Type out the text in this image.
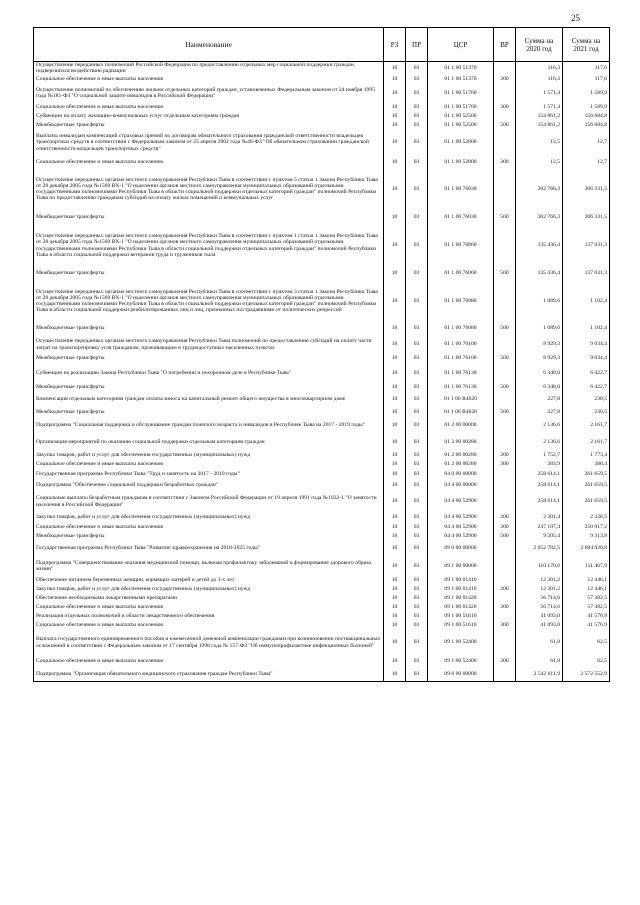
25
Наименование	РЗ	ПР	ЦСР	ВР	Сумма на 2020 год	Сумма на 2021 год
Осуществление переданных полномочий Российской Федерации по предоставлению отдельных мер социальной поддержки граждан, подвергшихся воздействию радиации	10	03	01 1 00 51370		116,3	117,6
Социальное обеспечение и иные выплаты населению	10	03	01 1 00 51370	300	116,3	117,6
Осуществление полномочий по обеспечению жильем отдельных категорий граждан, установленных Федеральным законом от 24 ноября 1995 года №181-ФЗ "О социальной защите инвалидов в Российской Федерации"	10	03	01 1 00 51760		1 571,4	1 589,9
Социальное обеспечение и иные выплаты населению	10	03	01 1 00 51760	300	1 571,4	1 589,9
Субвенции на оплату жилищно-коммунальных услуг отдельным категориям граждан	10	03	01 1 00 52500		154 861,2	156 684,8
Межбюджетные трансферты	10	03	01 1 00 52500	500	154 861,2	156 684,8
Выплаты инвалидам компенсаций страховых премий по договорам обязательного страхования гражданской ответственности владельцев транспортных средств в соответствии с Федеральным законом от 25 апреля 2002 года №40-ФЗ "Об обязательном страховании гражданской ответственности владельцев транспортных средств"	10	03	01 1 00 52800		12,5	12,7
Социальное обеспечение и иные выплаты населению	10	03	01 1 00 52800	300	12,5	12,7
Осуществление переданных органам местного самоуправления Республики Тыва в соответствии с пунктом 5 статьи 1 Закона Республики Тыва от 28 декабря 2005 года №1560 ВХ-1 "О наделении органов местного самоуправления муниципальных образований отдельными государственными полномочиями Республики Тыва в области социальной поддержки отдельных категорий граждан" полномочий Республики Тыва по предоставлению гражданам субсидий на оплату жилых помещений и коммунальных услуг	10	03	01 1 00 76030		302 766,3	306 331,5
Межбюджетные трансферты	10	03	01 1 00 76030	500	302 766,3	306 331,5
Осуществление переданных органам местного самоуправления Республики Тыва в соответствии с пунктом 1 статьи 1 Закона Республики Тыва от 28 декабря 2005 года №1560 ВХ-1 "О наделении органов местного самоуправления муниципальных образований отдельными государственными полномочиями Республики Тыва в области социальной поддержки отдельных категорий граждан" полномочий Республики Тыва в области социальной поддержки ветеранов труда и тружеников тыла	10	03	01 1 00 76060		135 436,4	137 031,3
Межбюджетные трансферты	10	03	01 1 00 76060	500	135 436,4	137 031,3
Осуществление переданных органам местного самоуправления Республики Тыва в соответствии с пунктом 3 статьи 1 Закона Республики Тыва от 28 декабря 2005 года №1560 ВХ-1 "О наделении органов местного самоуправления муниципальных образований отдельными государственными полномочиями Республики Тыва в области социальной поддержки отдельных категорий граждан" полномочий Республики Тыва в области социальной поддержки реабилитированных лиц и лиц, признанных пострадавшими от политических репрессий	10	03	01 1 00 76080		1 089,6	1 102,4
Межбюджетные трансферты	10	03	01 1 00 76080	500	1 089,6	1 102,4
Осуществление переданных органам местного самоуправления Республики Тыва полномочий по предоставлению субсидий на оплату части затрат на транспортировку угля гражданам, проживающим в труднодоступных населенных пунктах	10	03	01 1 00 76100		8 929,3	9 034,4
Межбюджетные трансферты	10	03	01 1 00 76100	500	8 929,3	9 034,4
Субвенции на реализацию Закона Республики Тыва "О погребении и похоронном деле в Республике Тыва"	10	03	01 1 00 76130		6 348,0	6 422,7
Межбюджетные трансферты	10	03	01 1 00 76130	500	6 348,0	6 422,7
Компенсация отдельным категориям граждан оплаты взноса на капитальный ремонт общего имущества в многоквартирном доме	10	03	01 1 00 R4620		227,8	230,5
Межбюджетные трансферты	10	03	01 1 00 R4620	500	227,8	230,5
Подпрограмма "Социальная поддержка и обслуживание граждан пожилого возраста и инвалидов в Республике Тыва на 2017 - 2019 годы"	10	03	01 2 00 00000		2 136,6	2 161,7
Организация мероприятий по оказанию социальной поддержки отдельным категориям граждан	10	03	01 2 00 00280		2 136,6	2 161,7
Закупка товаров, работ и услуг для обеспечения государственных (муниципальных) нужд	10	03	01 2 00 00280	200	1 752,7	1 773,4
Социальное обеспечение и иные выплаты населению	10	03	01 2 00 00280	300	383,9	388,4
Государственная программа Республики Тыва "Труд и занятость на 2017 - 2019 годы"	10	03	04 0 00 00000		258 614,1	261 659,5
Подпрограмма "Обеспечение социальной поддержки безработных граждан"	10	03	04 4 00 00000		258 614,1	261 659,5
Социальные выплаты безработным гражданам в соответствии с Законом Российской Федерации от 19 апреля 1991 года №1032-1 "О занятости населения в Российской Федерации"	10	03	04 4 00 52900		258 614,1	261 659,5
Закупка товаров, работ и услуг для обеспечения государственных (муниципальных) нужд	10	03	04 4 00 52900	200	2 301,4	2 328,5
Социальное обеспечение и иные выплаты населению	10	03	04 4 00 52900	300	247 107,4	250 017,2
Межбюджетные трансферты	10	03	04 4 00 52900	500	9 205,4	9 313,8
Государственная программа Республики Тыва "Развитие здравоохранения на 2018-2025 годы"	10	03	09 0 00 00000		2 652 782,5	2 684 020,8
Подпрограмма "Совершенствование оказания медицинской помощи, включая профилактику заболеваний и формирование здорового образа жизни"	10	03	09 1 00 00000		110 170,6	111 467,9
Обеспечение питанием беременных женщин, кормящих матерей и детей до 3-х лет	10	03	09 1 00 01410		12 301,2	12 446,1
Закупка товаров, работ и услуг для обеспечения государственных (муниципальных) нужд	10	03	09 1 00 01410	200	12 301,2	12 446,1
Обеспечение необходимыми лекарственными препаратами	10	03	09 1 00 01420		56 714,6	57 382,5
Социальное обеспечение и иные выплаты населению	10	03	09 1 00 01420	300	56 714,6	57 382,5
Реализация отдельных полномочий в области лекарственного обеспечения	10	03	09 1 00 51610		41 093,0	41 576,9
Социальное обеспечение и иные выплаты населению	10	03	09 1 00 51610	300	41 093,0	41 576,9
Выплата государственного единовременного пособия и ежемесячной денежной компенсации гражданам при возникновении поствакцинальных осложнений в соответствии с Федеральным законом от 17 сентября 1998 года № 157-ФЗ "Об иммунопрофилактике инфекционных болезней"	10	03	09 1 00 52400		61,8	62,5
Социальное обеспечение и иные выплаты населению	10	03	09 1 00 52400	300	61,8	62,5
Подпрограмма "Организация обязательного медицинского страхования граждан Республики Тыва"	10	03	09 6 00 00000		2 542 611,9	2 572 552,9
